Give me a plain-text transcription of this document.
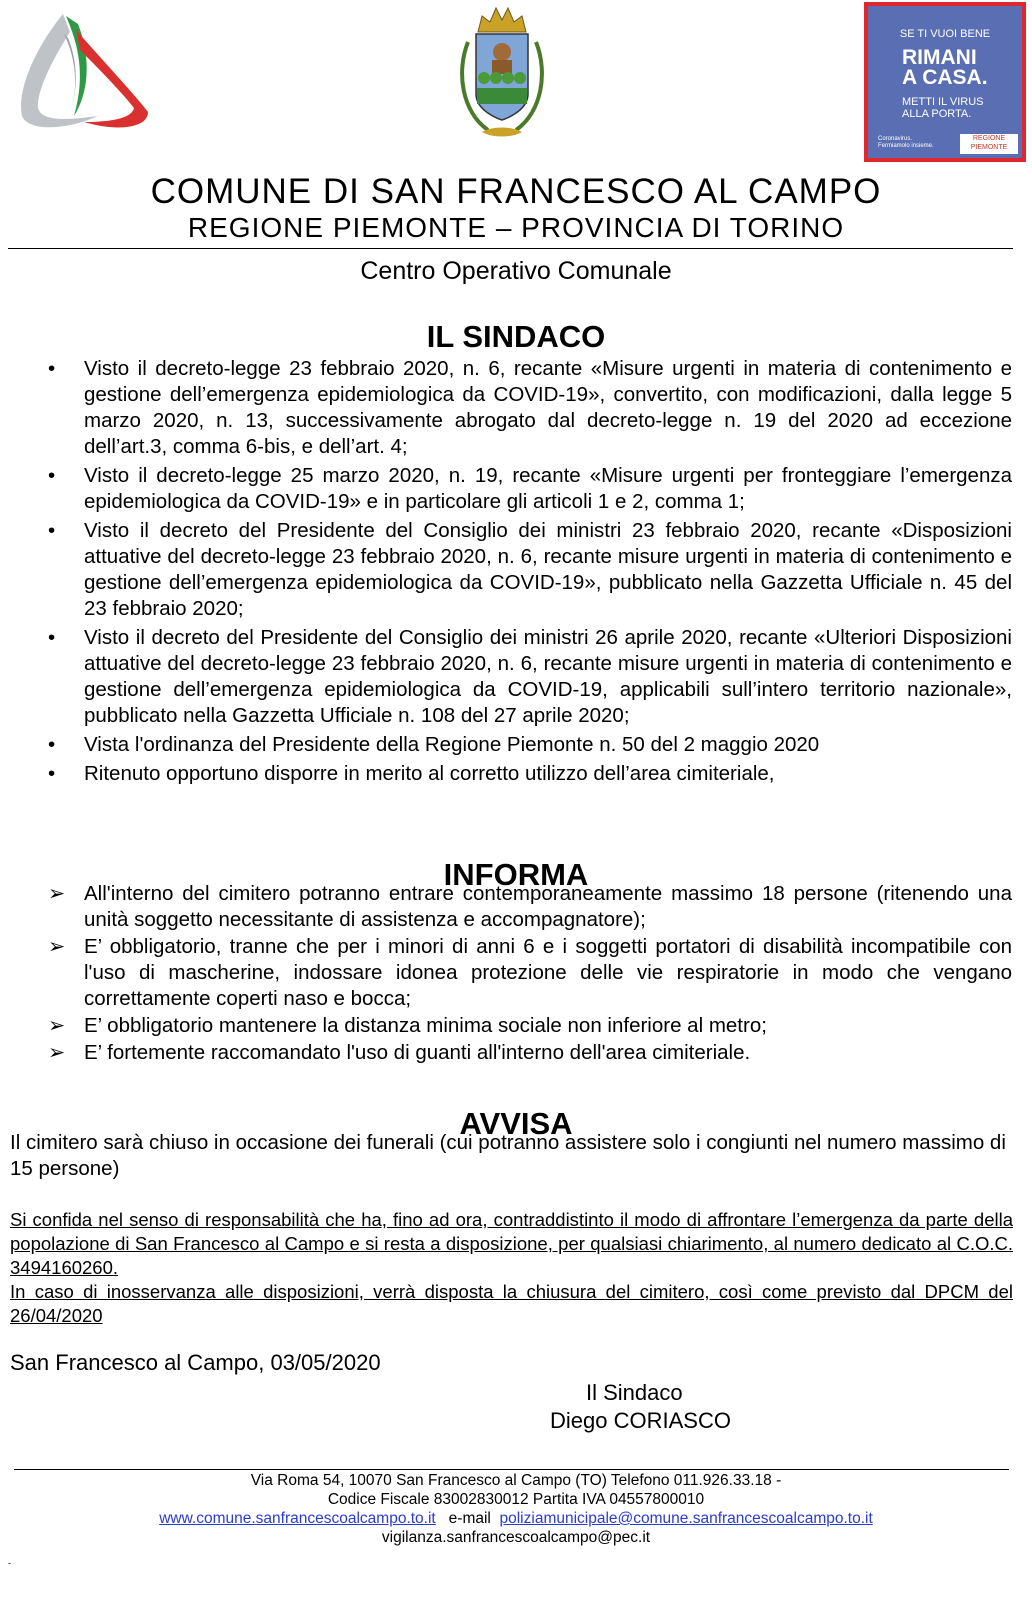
SE TI VUOI BENE
RIMANI
A CASA.
METTI IL VIRUS
ALLA PORTA.
Coronavirus. Fermiamolo insieme.
REGIONE PIEMONTE
COMUNE DI SAN FRANCESCO AL CAMPO
REGIONE PIEMONTE – PROVINCIA DI TORINO
Centro Operativo Comunale
IL SINDACO
• Visto il decreto-legge 23 febbraio 2020, n. 6, recante «Misure urgenti in materia di contenimento e gestione dell’emergenza epidemiologica da COVID-19», convertito, con modificazioni, dalla legge 5 marzo 2020, n. 13, successivamente abrogato dal decreto-legge n. 19 del 2020 ad eccezione dell’art.3, comma 6-bis, e dell’art. 4;
• Visto il decreto-legge 25 marzo 2020, n. 19, recante «Misure urgenti per fronteggiare l’emergenza epidemiologica da COVID-19» e in particolare gli articoli 1 e 2, comma 1;
• Visto il decreto del Presidente del Consiglio dei ministri 23 febbraio 2020, recante «Disposizioni attuative del decreto-legge 23 febbraio 2020, n. 6, recante misure urgenti in materia di contenimento e gestione dell’emergenza epidemiologica da COVID-19», pubblicato nella Gazzetta Ufficiale n. 45 del 23 febbraio 2020;
• Visto il decreto del Presidente del Consiglio dei ministri 26 aprile 2020, recante «Ulteriori Disposizioni attuative del decreto-legge 23 febbraio 2020, n. 6, recante misure urgenti in materia di contenimento e gestione dell’emergenza epidemiologica da COVID-19, applicabili sull’intero territorio nazionale», pubblicato nella Gazzetta Ufficiale n. 108 del 27 aprile 2020;
• Vista l'ordinanza del Presidente della Regione Piemonte n. 50 del 2 maggio 2020
• Ritenuto opportuno disporre in merito al corretto utilizzo dell’area cimiteriale,
INFORMA
➢ All'interno del cimitero potranno entrare contemporaneamente massimo 18 persone (ritenendo una unità soggetto necessitante di assistenza e accompagnatore);
➢ E’ obbligatorio, tranne che per i minori di anni 6 e i soggetti portatori di disabilità incompatibile con l'uso di mascherine, indossare idonea protezione delle vie respiratorie in modo che vengano correttamente coperti naso e bocca;
➢ E’ obbligatorio mantenere la distanza minima sociale non inferiore al metro;
➢ E’ fortemente raccomandato l'uso di guanti all'interno dell'area cimiteriale.
AVVISA
Il cimitero sarà chiuso in occasione dei funerali (cui potranno assistere solo i congiunti nel numero massimo di 15 persone)
Si confida nel senso di responsabilità che ha, fino ad ora, contraddistinto il modo di affrontare l’emergenza da parte della popolazione di San Francesco al Campo e si resta a disposizione, per qualsiasi chiarimento, al numero dedicato al C.O.C. 3494160260.
In caso di inosservanza alle disposizioni, verrà disposta la chiusura del cimitero, così come previsto dal DPCM del 26/04/2020
San Francesco al Campo, 03/05/2020
Il Sindaco
Diego CORIASCO
Via Roma 54, 10070 San Francesco al Campo (TO) Telefono 011.926.33.18 -
Codice Fiscale 83002830012 Partita IVA 04557800010
www.comune.sanfrancescoalcampo.to.it e-mail poliziamunicipale@comune.sanfrancescoalcampo.to.it
vigilanza.sanfrancescoalcampo@pec.it
-
